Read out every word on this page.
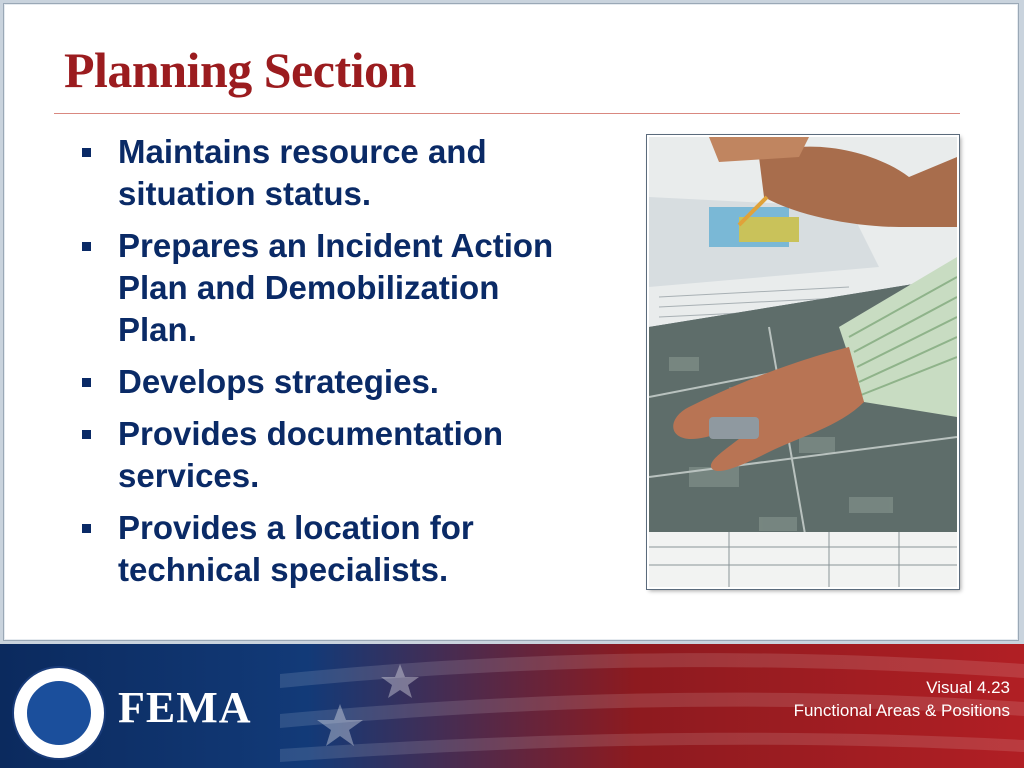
Planning Section
Maintains resource and situation status.
Prepares an Incident Action Plan and Demobilization Plan.
Develops strategies.
Provides documentation services.
Provides a location for technical specialists.
FEMA	Visual 4.23
Functional Areas & Positions
